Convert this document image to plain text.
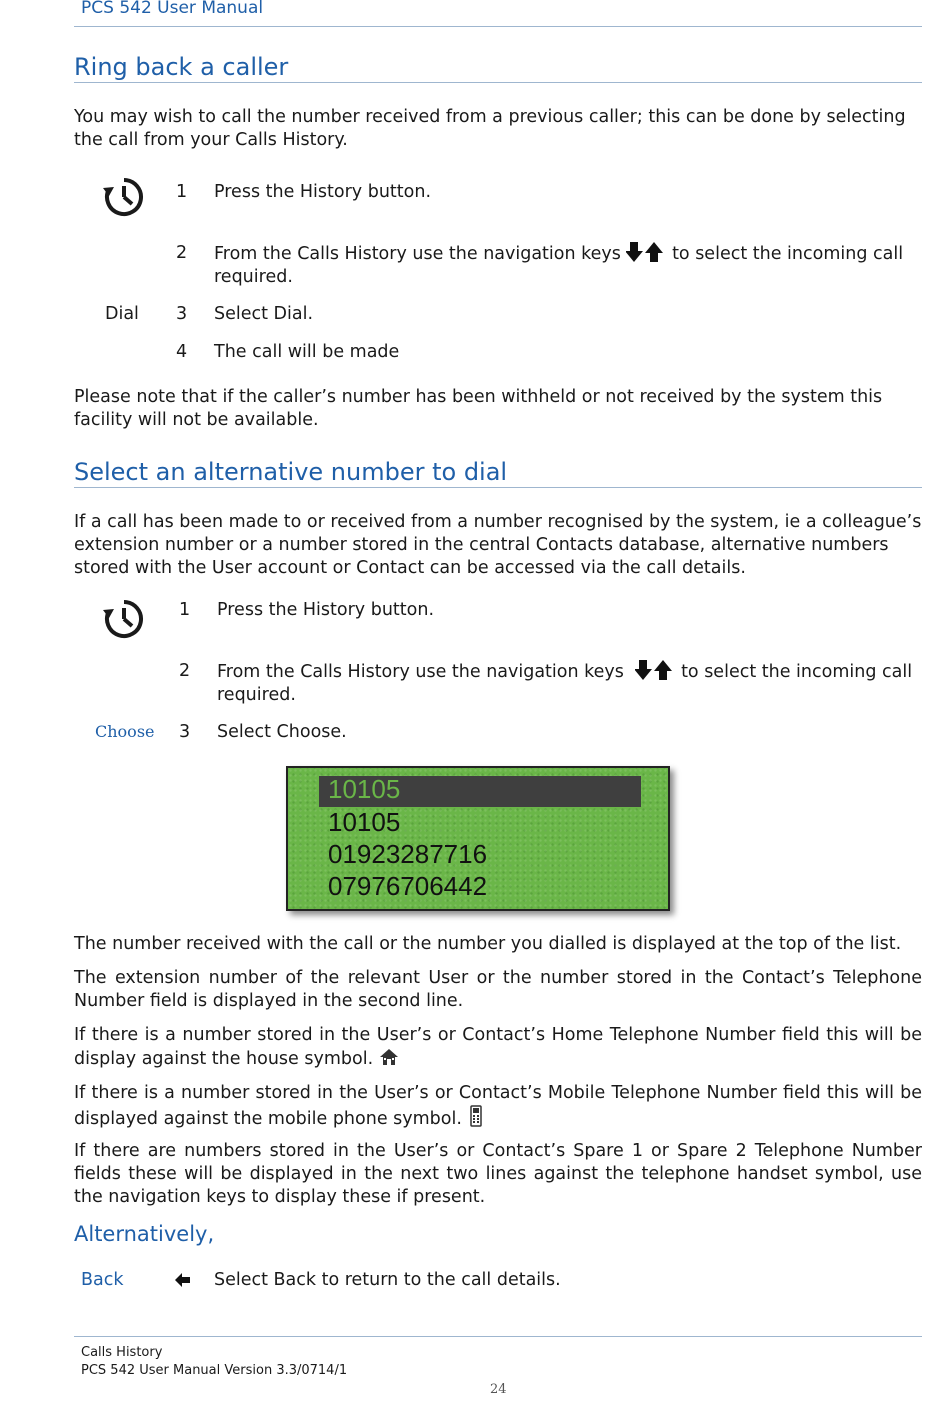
PCS 542 User Manual
Ring back a caller
You may wish to call the number received from a previous caller; this can be done by selecting the call from your Calls History.
1 Press the History button.
2 From the Calls History use the navigation keys	to select the incoming call
required.
Dial 3 Select Dial.
4 The call will be made
Please note that if the caller’s number has been withheld or not received by the system this facility will not be available.
Select an alternative number to dial
If a call has been made to or received from a number recognised by the system, ie a colleague’s extension number or a number stored in the central Contacts database, alternative numbers stored with the User account or Contact can be accessed via the call details.
1 Press the History button.
2 From the Calls History use the navigation keys	to select the incoming call
required.
Choose 3 Select Choose.
10105
10105
01923287716
07976706442
The number received with the call or the number you dialled is displayed at the top of the list.
The extension number of the relevant User or the number stored in the Contact’s Telephone Number field is displayed in the second line.
If there is a number stored in the User’s or Contact’s Home Telephone Number field this will be display against the house symbol.
If there is a number stored in the User’s or Contact’s Mobile Telephone Number field this will be displayed against the mobile phone symbol.
If there are numbers stored in the User’s or Contact’s Spare 1 or Spare 2 Telephone Number fields these will be displayed in the next two lines against the telephone handset symbol, use the navigation keys to display these if present.
Alternatively,
Back	Select Back to return to the call details.
Calls History
PCS 542 User Manual Version 3.3/0714/1
24
